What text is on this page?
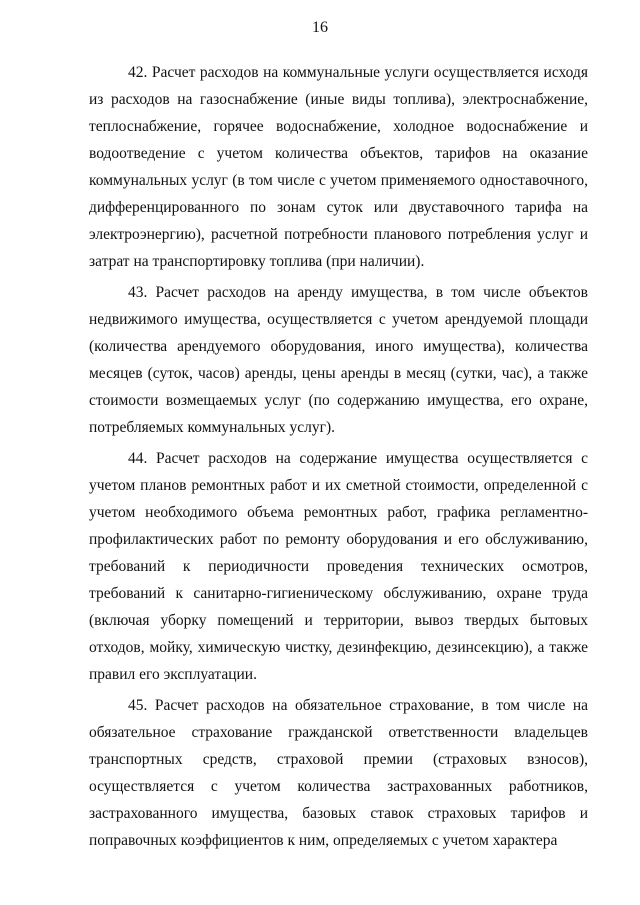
16

42. Расчет расходов на коммунальные услуги осуществляется исходя из расходов на газоснабжение (иные виды топлива), электроснабжение, теплоснабжение, горячее водоснабжение, холодное водоснабжение и водоотведение с учетом количества объектов, тарифов на оказание коммунальных услуг (в том числе с учетом применяемого одноставочного, дифференцированного по зонам суток или двуставочного тарифа на электроэнергию), расчетной потребности планового потребления услуг и затрат на транспортировку топлива (при наличии).

43. Расчет расходов на аренду имущества, в том числе объектов недвижимого имущества, осуществляется с учетом арендуемой площади (количества арендуемого оборудования, иного имущества), количества месяцев (суток, часов) аренды, цены аренды в месяц (сутки, час), а также стоимости возмещаемых услуг (по содержанию имущества, его охране, потребляемых коммунальных услуг).

44. Расчет расходов на содержание имущества осуществляется с учетом планов ремонтных работ и их сметной стоимости, определенной с учетом необходимого объема ремонтных работ, графика регламентно-профилактических работ по ремонту оборудования и его обслуживанию, требований к периодичности проведения технических осмотров, требований к санитарно-гигиеническому обслуживанию, охране труда (включая уборку помещений и территории, вывоз твердых бытовых отходов, мойку, химическую чистку, дезинфекцию, дезинсекцию), а также правил его эксплуатации.

45. Расчет расходов на обязательное страхование, в том числе на обязательное страхование гражданской ответственности владельцев транспортных средств, страховой премии (страховых взносов), осуществляется с учетом количества застрахованных работников, застрахованного имущества, базовых ставок страховых тарифов и поправочных коэффициентов к ним, определяемых с учетом характера
